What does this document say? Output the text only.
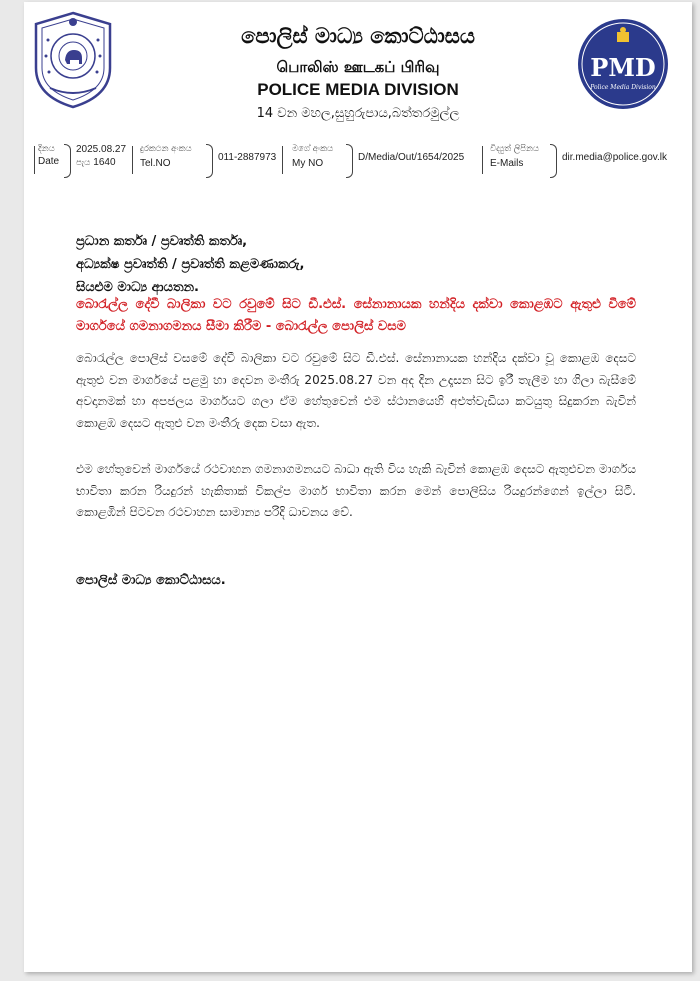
පොලිස් මාධ්‍ය කොට්ඨාසය
பொலிஸ் ஊடகப் பிரிவு
POLICE MEDIA DIVISION
14 වන මහල,සුහුරුපාය,බත්තරමුල්ල
PMD
Police Media Division
දිනය
Date
2025.08.27
පැය 1640
දුරකථන අංකය
Tel.NO
011-2887973
මගේ අංකය
My NO
D/Media/Out/1654/2025
විද්‍යුත් ලිපිනය
E-Mails
dir.media@police.gov.lk
ප්‍රධාන කර්තෘ / ප්‍රවෘත්ති කර්තෘ,
අධ්‍යක්ෂ ප්‍රවෘත්ති / ප්‍රවෘත්ති කළමණාකරු,
සියළුම මාධ්‍ය ආයතන.
බොරැල්ල දේවී බාලිකා වට රවුමේ සිට ඩී.එස්. සේනානායක හන්දිය දක්වා කොළඹට ඇතුළු වීමේ මාර්ගයේ ගමනාගමනය සීමා කිරීම - බොරැල්ල පොලිස් වසම
බොරැල්ල පොලිස් වසමේ දේවී බාලිකා වට රවුමේ සිට ඩී.එස්. සේනානායක හන්දිය දක්වා වූ කොළඹ දෙසට ඇතුළු වන මාර්ගයේ පළමු හා දෙවන මංතීරු 2025.08.27 වන අද දින උදෑසන සිට ඉරී තැලීම හා ගිලා බැසීමේ අවදානමක් හා අපජලය මාර්ගයට ගලා ඒම හේතුවෙන් එම ස්ථානයෙහි අළුත්වැඩියා කටයුතු සිදුකරන බැවින් කොළඹ දෙසට ඇතුළු වන මංතීරු දෙක වසා ඇත.
එම හේතුවෙන් මාර්ගයේ රථවාහන ගමනාගමනයට බාධා ඇති විය හැකි බැවින් කොළඹ දෙසට ඇතුළුවන මාර්ගය භාවිතා කරන රියදුරන් හැකිතාක් විකල්ප මාර්ග භාවිතා කරන මෙන් පොලිසිය රියදුරන්ගෙන් ඉල්ලා සිටී. කොළඹින් පිටවන රථවාහන සාමාන්‍ය පරිදි ධාවනය වේ.
පොලිස් මාධ්‍ය කොට්ඨාසය.
